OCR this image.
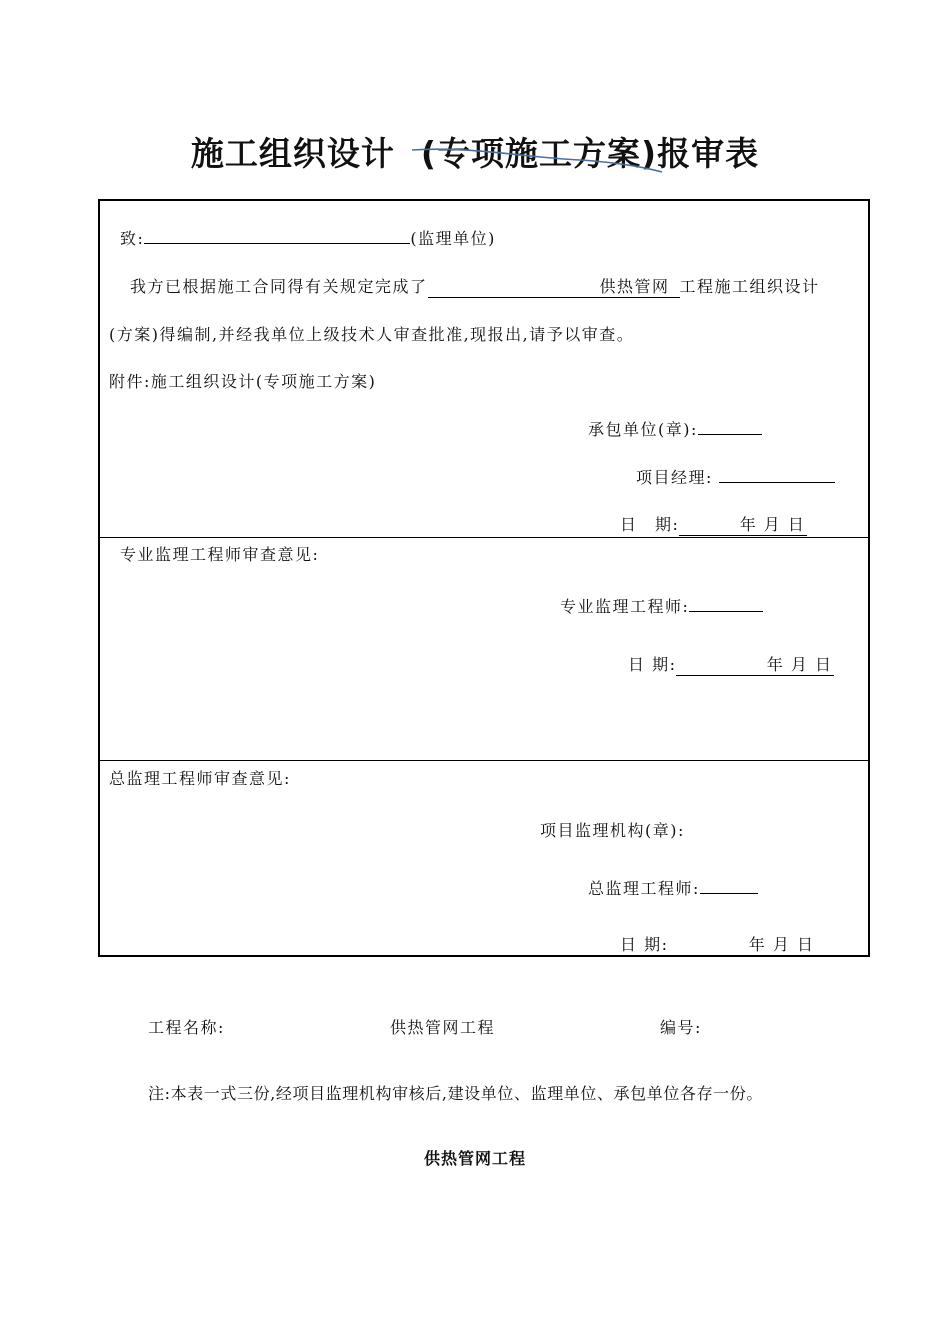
施工组织设计 (专项施工方案)报审表
致:	(监理单位)
我方已根据施工合同得有关规定完成了	供热管网 工程施工组织设计
(方案)得编制,并经我单位上级技术人审查批准,现报出,请予以审查。
附件:施工组织设计(专项施工方案)
承包单位(章):
项目经理:
日　期:	年 月 日
专业监理工程师审查意见:
专业监理工程师:
日 期:	年 月 日
总监理工程师审查意见:
项目监理机构(章):
总监理工程师:
日 期:	年 月 日
工程名称:	供热管网工程	编号:
注:本表一式三份,经项目监理机构审核后,建设单位、监理单位、承包单位各存一份。
供热管网工程
